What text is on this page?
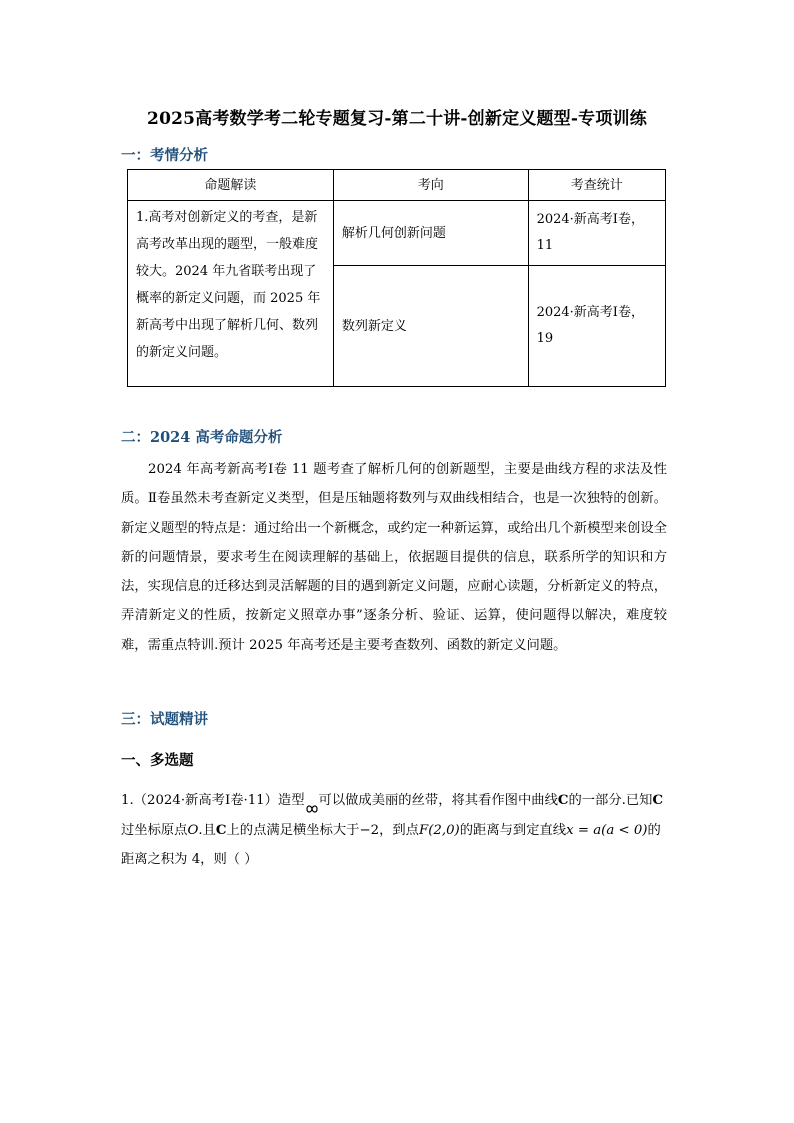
2025高考数学考二轮专题复习-第二十讲-创新定义题型-专项训练
一：考情分析
命题解读	考向	考查统计
1.高考对创新定义的考查，是新高考改革出现的题型，一般难度较大。2024 年九省联考出现了概率的新定义问题，而 2025 年新高考中出现了解析几何、数列的新定义问题。	解析几何创新问题	2024·新高考Ⅰ卷，11
	数列新定义	2024·新高考Ⅰ卷，19
二：2024 高考命题分析

2024 年高考新高考Ⅰ卷 11 题考查了解析几何的创新题型，主要是曲线方程的求法及性质。Ⅱ卷虽然未考查新定义类型，但是压轴题将数列与双曲线相结合，也是一次独特的创新。新定义题型的特点是：通过给出一个新概念，或约定一种新运算，或给出几个新模型来创设全新的问题情景，要求考生在阅读理解的基础上，依据题目提供的信息，联系所学的知识和方法，实现信息的迁移达到灵活解题的目的遇到新定义问题，应耐心读题，分析新定义的特点，弄清新定义的性质，按新定义照章办事”逐条分析、验证、运算，使问题得以解决，难度较难，需重点特训.预计 2025 年高考还是主要考查数列、函数的新定义问题。

三：试题精讲
一、多选题

1.（2024·新高考Ⅰ卷·11）造型 可以做成美丽的丝带，将其看作图中曲线C的一部分.已知C过坐标原点O.且C上的点满足横坐标大于−2，到点F(2,0)的距离与到定直线x = a(a < 0)的距离之积为 4，则（ ）
